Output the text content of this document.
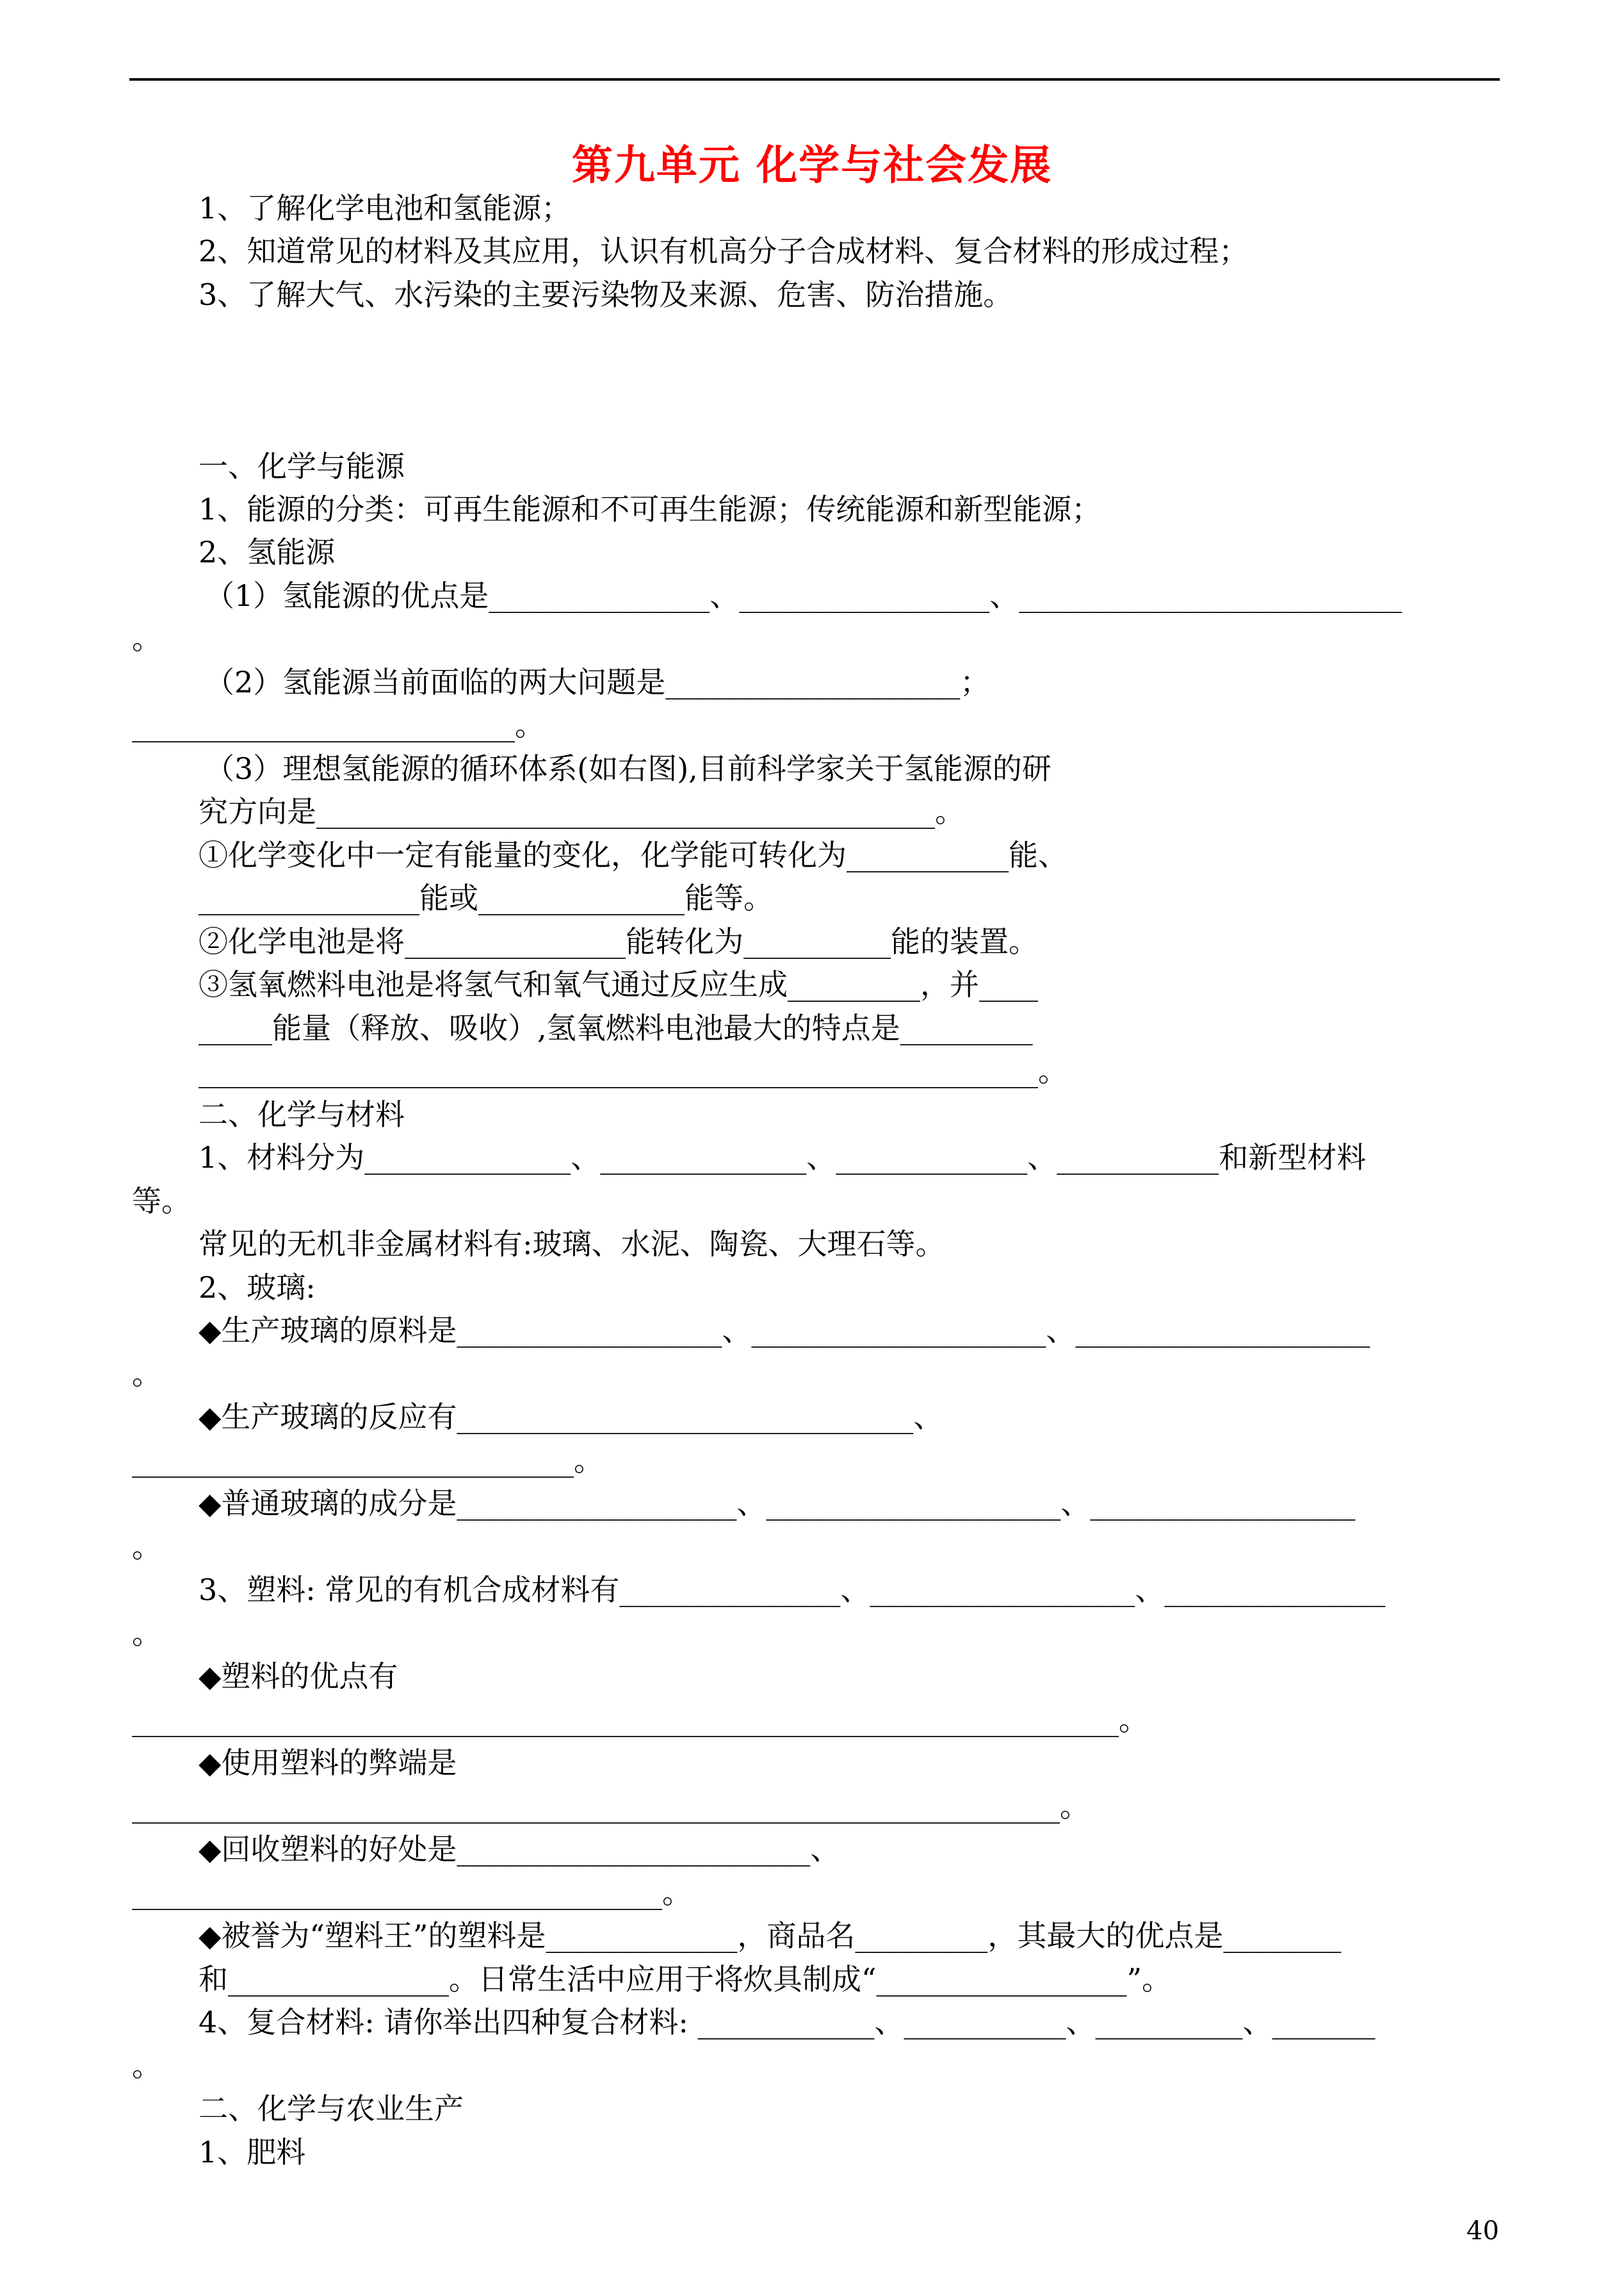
第九单元 化学与社会发展
1、了解化学电池和氢能源；
2、知道常见的材料及其应用，认识有机高分子合成材料、复合材料的形成过程；
3、了解大气、水污染的主要污染物及来源、危害、防治措施。
一、化学与能源
1、能源的分类：可再生能源和不可再生能源；传统能源和新型能源；
2、氢能源
（1）氢能源的优点是_______________、_________________、__________________________
。
（2）氢能源当前面临的两大问题是____________________；
__________________________。
（3）理想氢能源的循环体系(如右图),目前科学家关于氢能源的研
究方向是__________________________________________。
①化学变化中一定有能量的变化，化学能可转化为___________能、
_______________能或______________能等。
②化学电池是将_______________能转化为__________能的装置。
③氢氧燃料电池是将氢气和氧气通过反应生成_________，并____
_____能量（释放、吸收）,氢氧燃料电池最大的特点是_________
_________________________________________________________。
二、化学与材料
1、材料分为______________、______________、_____________、___________和新型材料
等。
常见的无机非金属材料有:玻璃、水泥、陶瓷、大理石等。
2、玻璃:
◆生产玻璃的原料是__________________、____________________、____________________
。
◆生产玻璃的反应有_______________________________、
______________________________。
◆普通玻璃的成分是___________________、____________________、__________________
。
3、塑料: 常见的有机合成材料有_______________、__________________、_______________
。
◆塑料的优点有
___________________________________________________________________。
◆使用塑料的弊端是
_______________________________________________________________。
◆回收塑料的好处是________________________、
____________________________________。
◆被誉为“塑料王”的塑料是_____________，商品名_________，其最大的优点是________
和_______________。日常生活中应用于将炊具制成“_________________”。
4、复合材料: 请你举出四种复合材料: ____________、___________、__________、_______
。
二、化学与农业生产
1、肥料
40
